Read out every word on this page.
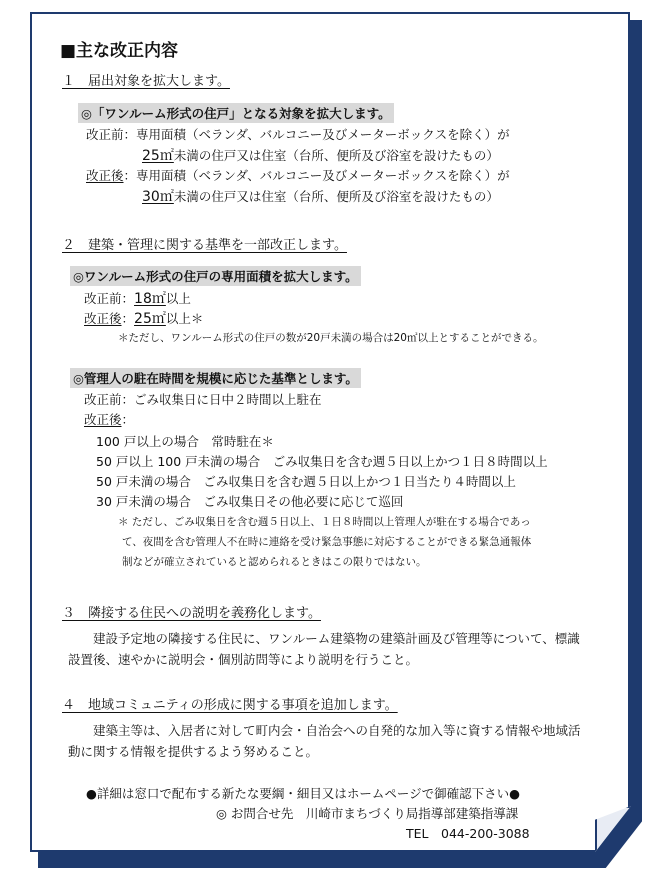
■主な改正内容
１　届出対象を拡大します。
◎「ワンルーム形式の住戸」となる対象を拡大します。
改正前：専用面積（ベランダ、バルコニー及びメーターボックスを除く）が
25㎡未満の住戸又は住室（台所、便所及び浴室を設けたもの）
改正後：専用面積（ベランダ、バルコニー及びメーターボックスを除く）が
30㎡未満の住戸又は住室（台所、便所及び浴室を設けたもの）
２　建築・管理に関する基準を一部改正します。
◎ワンルーム形式の住戸の専用面積を拡大します。
改正前：18㎡以上
改正後：25㎡以上＊
＊ただし、ワンルーム形式の住戸の数が20戸未満の場合は20㎡以上とすることができる。
◎管理人の駐在時間を規模に応じた基準とします。
改正前：ごみ収集日に日中２時間以上駐在
改正後：
100 戸以上の場合　常時駐在＊
50 戸以上 100 戸未満の場合　ごみ収集日を含む週５日以上かつ１日８時間以上
50 戸未満の場合　ごみ収集日を含む週５日以上かつ１日当たり４時間以上
30 戸未満の場合　ごみ収集日その他必要に応じて巡回
＊ ただし、ごみ収集日を含む週５日以上、１日８時間以上管理人が駐在する場合であっ
て、夜間を含む管理人不在時に連絡を受け緊急事態に対応することができる緊急通報体
制などが確立されていると認められるときはこの限りではない。
３　隣接する住民への説明を義務化します。
建設予定地の隣接する住民に、ワンルーム建築物の建築計画及び管理等について、標識設置後、速やかに説明会・個別訪問等により説明を行うこと。
４　地域コミュニティの形成に関する事項を追加します。
建築主等は、入居者に対して町内会・自治会への自発的な加入等に資する情報や地域活動に関する情報を提供するよう努めること。
●詳細は窓口で配布する新たな要綱・細目又はホームページで御確認下さい●
◎ お問合せ先　川崎市まちづくり局指導部建築指導課
TEL　044-200-3088
